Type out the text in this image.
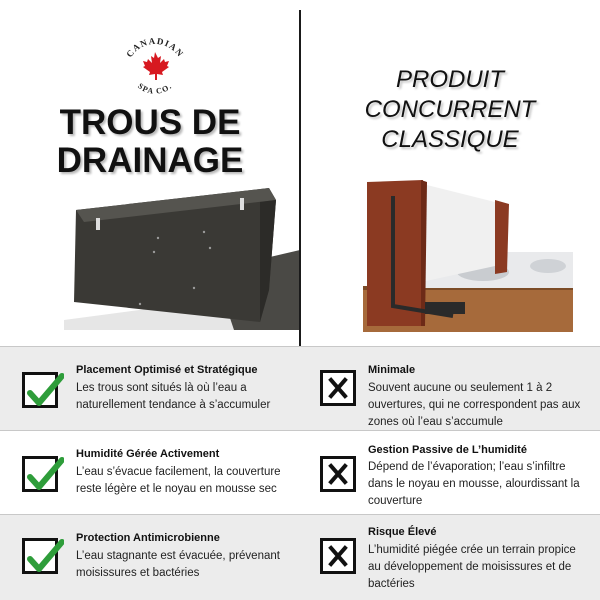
CANADIAN
SPA CO.
TROUS DE
DRAINAGE
PRODUIT
CONCURRENT
CLASSIQUE
Placement Optimisé et Stratégique
Les trous sont situés là où l’eau a naturellement tendance à s’accumuler
Minimale
Souvent aucune ou seulement 1 à 2 ouvertures, qui ne correspondent pas aux zones où l’eau s’accumule
Humidité Gérée Activement
L’eau s’évacue facilement, la couverture reste légère et le noyau en mousse sec
Gestion Passive de L’humidité
Dépend de l’évaporation; l’eau s’infiltre dans le noyau en mousse, alourdissant la couverture
Protection Antimicrobienne
L’eau stagnante est évacuée, prévenant moisissures et bactéries
Risque Élevé
L’humidité piégée crée un terrain propice au développement de moisissures et de bactéries
